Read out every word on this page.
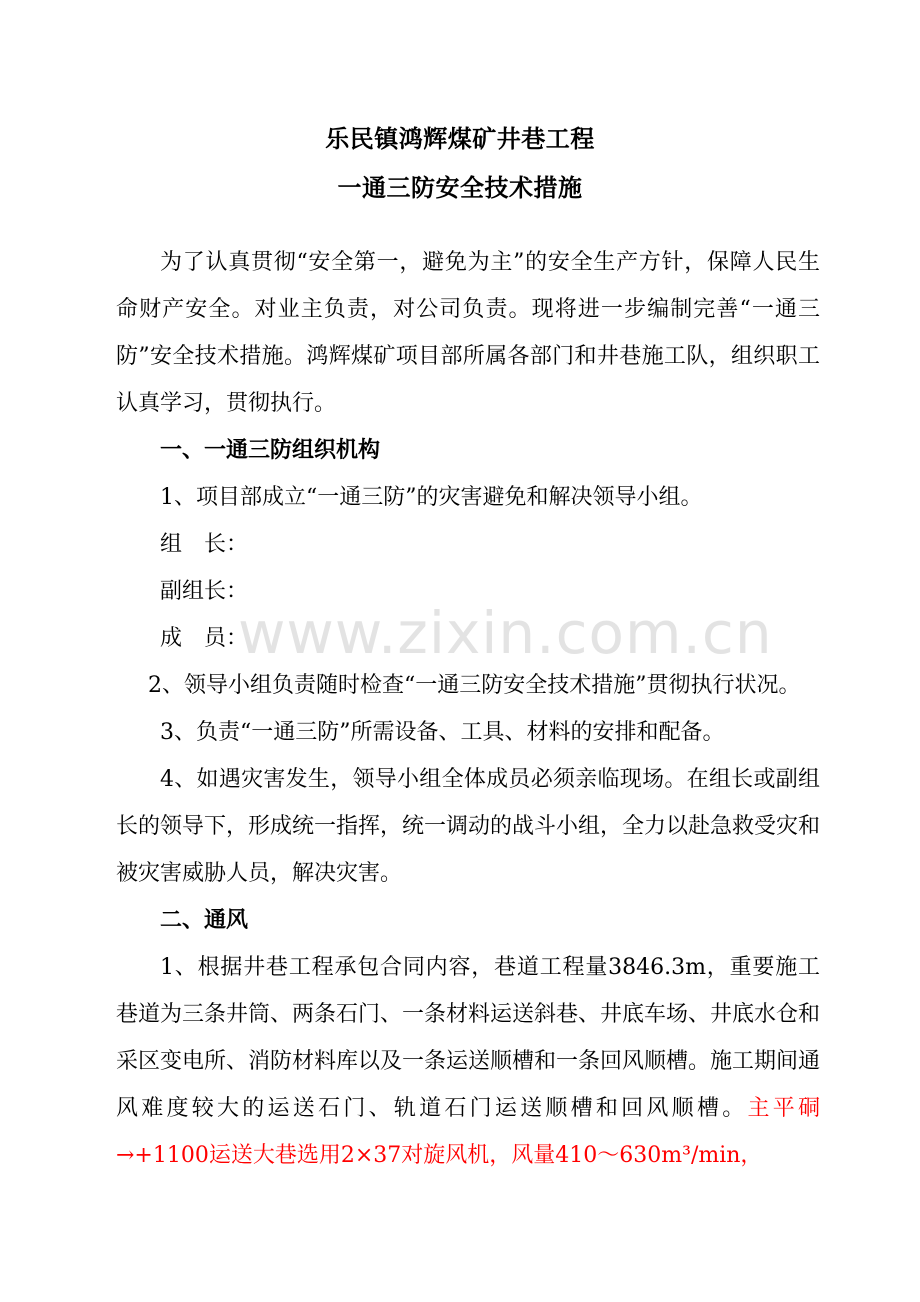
乐民镇鸿辉煤矿井巷工程
一通三防安全技术措施

为了认真贯彻“安全第一，避免为主”的安全生产方针，保障人民生命财产安全。对业主负责，对公司负责。现将进一步编制完善“一通三防”安全技术措施。鸿辉煤矿项目部所属各部门和井巷施工队，组织职工认真学习，贯彻执行。

一、一通三防组织机构

1、项目部成立“一通三防”的灾害避免和解决领导小组。

组　长：

副组长：

成　员：

2、领导小组负责随时检查“一通三防安全技术措施”贯彻执行状况。

3、负责“一通三防”所需设备、工具、材料的安排和配备。

4、如遇灾害发生，领导小组全体成员必须亲临现场。在组长或副组长的领导下，形成统一指挥，统一调动的战斗小组，全力以赴急救受灾和被灾害威胁人员，解决灾害。

二、通风

1、根据井巷工程承包合同内容，巷道工程量3846.3m，重要施工巷道为三条井筒、两条石门、一条材料运送斜巷、井底车场、井底水仓和采区变电所、消防材料库以及一条运送顺槽和一条回风顺槽。施工期间通风难度较大的运送石门、轨道石门运送顺槽和回风顺槽。主平硐→+1100运送大巷选用2×37对旋风机，风量410～630m³/min，

www.zixin.com.cn
